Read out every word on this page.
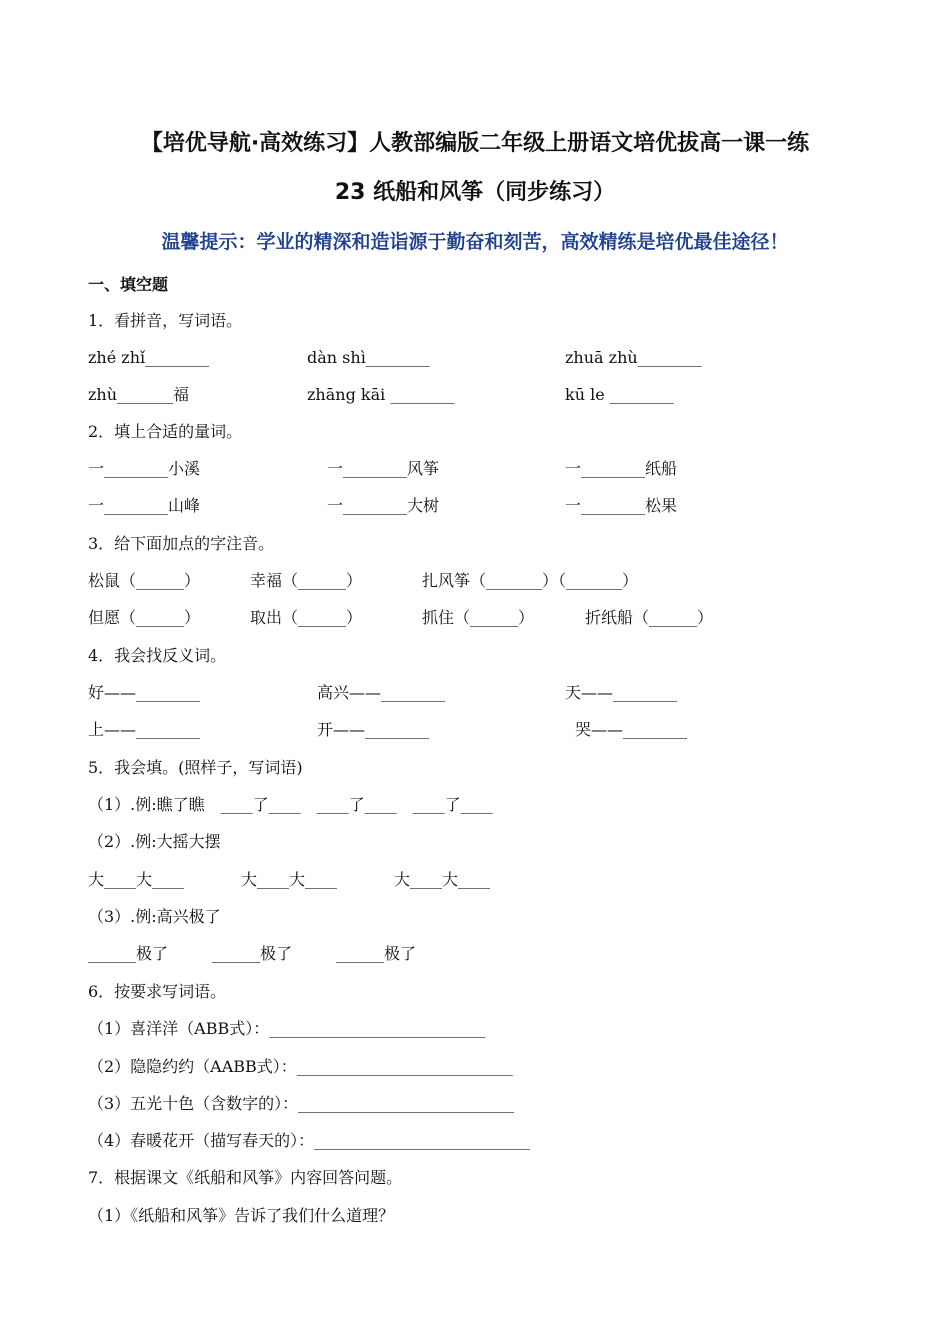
【培优导航·高效练习】人教部编版二年级上册语文培优拔高一课一练
23 纸船和风筝（同步练习）
温馨提示：学业的精深和造诣源于勤奋和刻苦，高效精练是培优最佳途径！
一、填空题
1．看拼音，写词语。
zhé zhǐ________	dàn shì________	zhuā zhù________
zhù_______福	zhāng kāi ________	kū le ________
2．填上合适的量词。
一________小溪	一________风筝	一________纸船
一________山峰	一________大树	一________松果
3．给下面加点的字注音。
松鼠（______）	幸福（______）	扎风筝（_______）（_______）
但愿（______）	取出（______）	抓住（______）	折纸船（______）
4．我会找反义词。
好——________	高兴——________	天——________
上——________	开——________	哭——________
5．我会填。(照样子，写词语)
（1）.例:瞧了瞧　____了____　____了____　____了____
（2）.例:大摇大摆
大____大____	大____大____	大____大____
（3）.例:高兴极了
______极了	______极了	______极了
6．按要求写词语。
（1）喜洋洋（ABB式）：___________________________
（2）隐隐约约（AABB式）：___________________________
（3）五光十色（含数字的）：___________________________
（4）春暖花开（描写春天的）：___________________________
7．根据课文《纸船和风筝》内容回答问题。
（1）《纸船和风筝》告诉了我们什么道理？
